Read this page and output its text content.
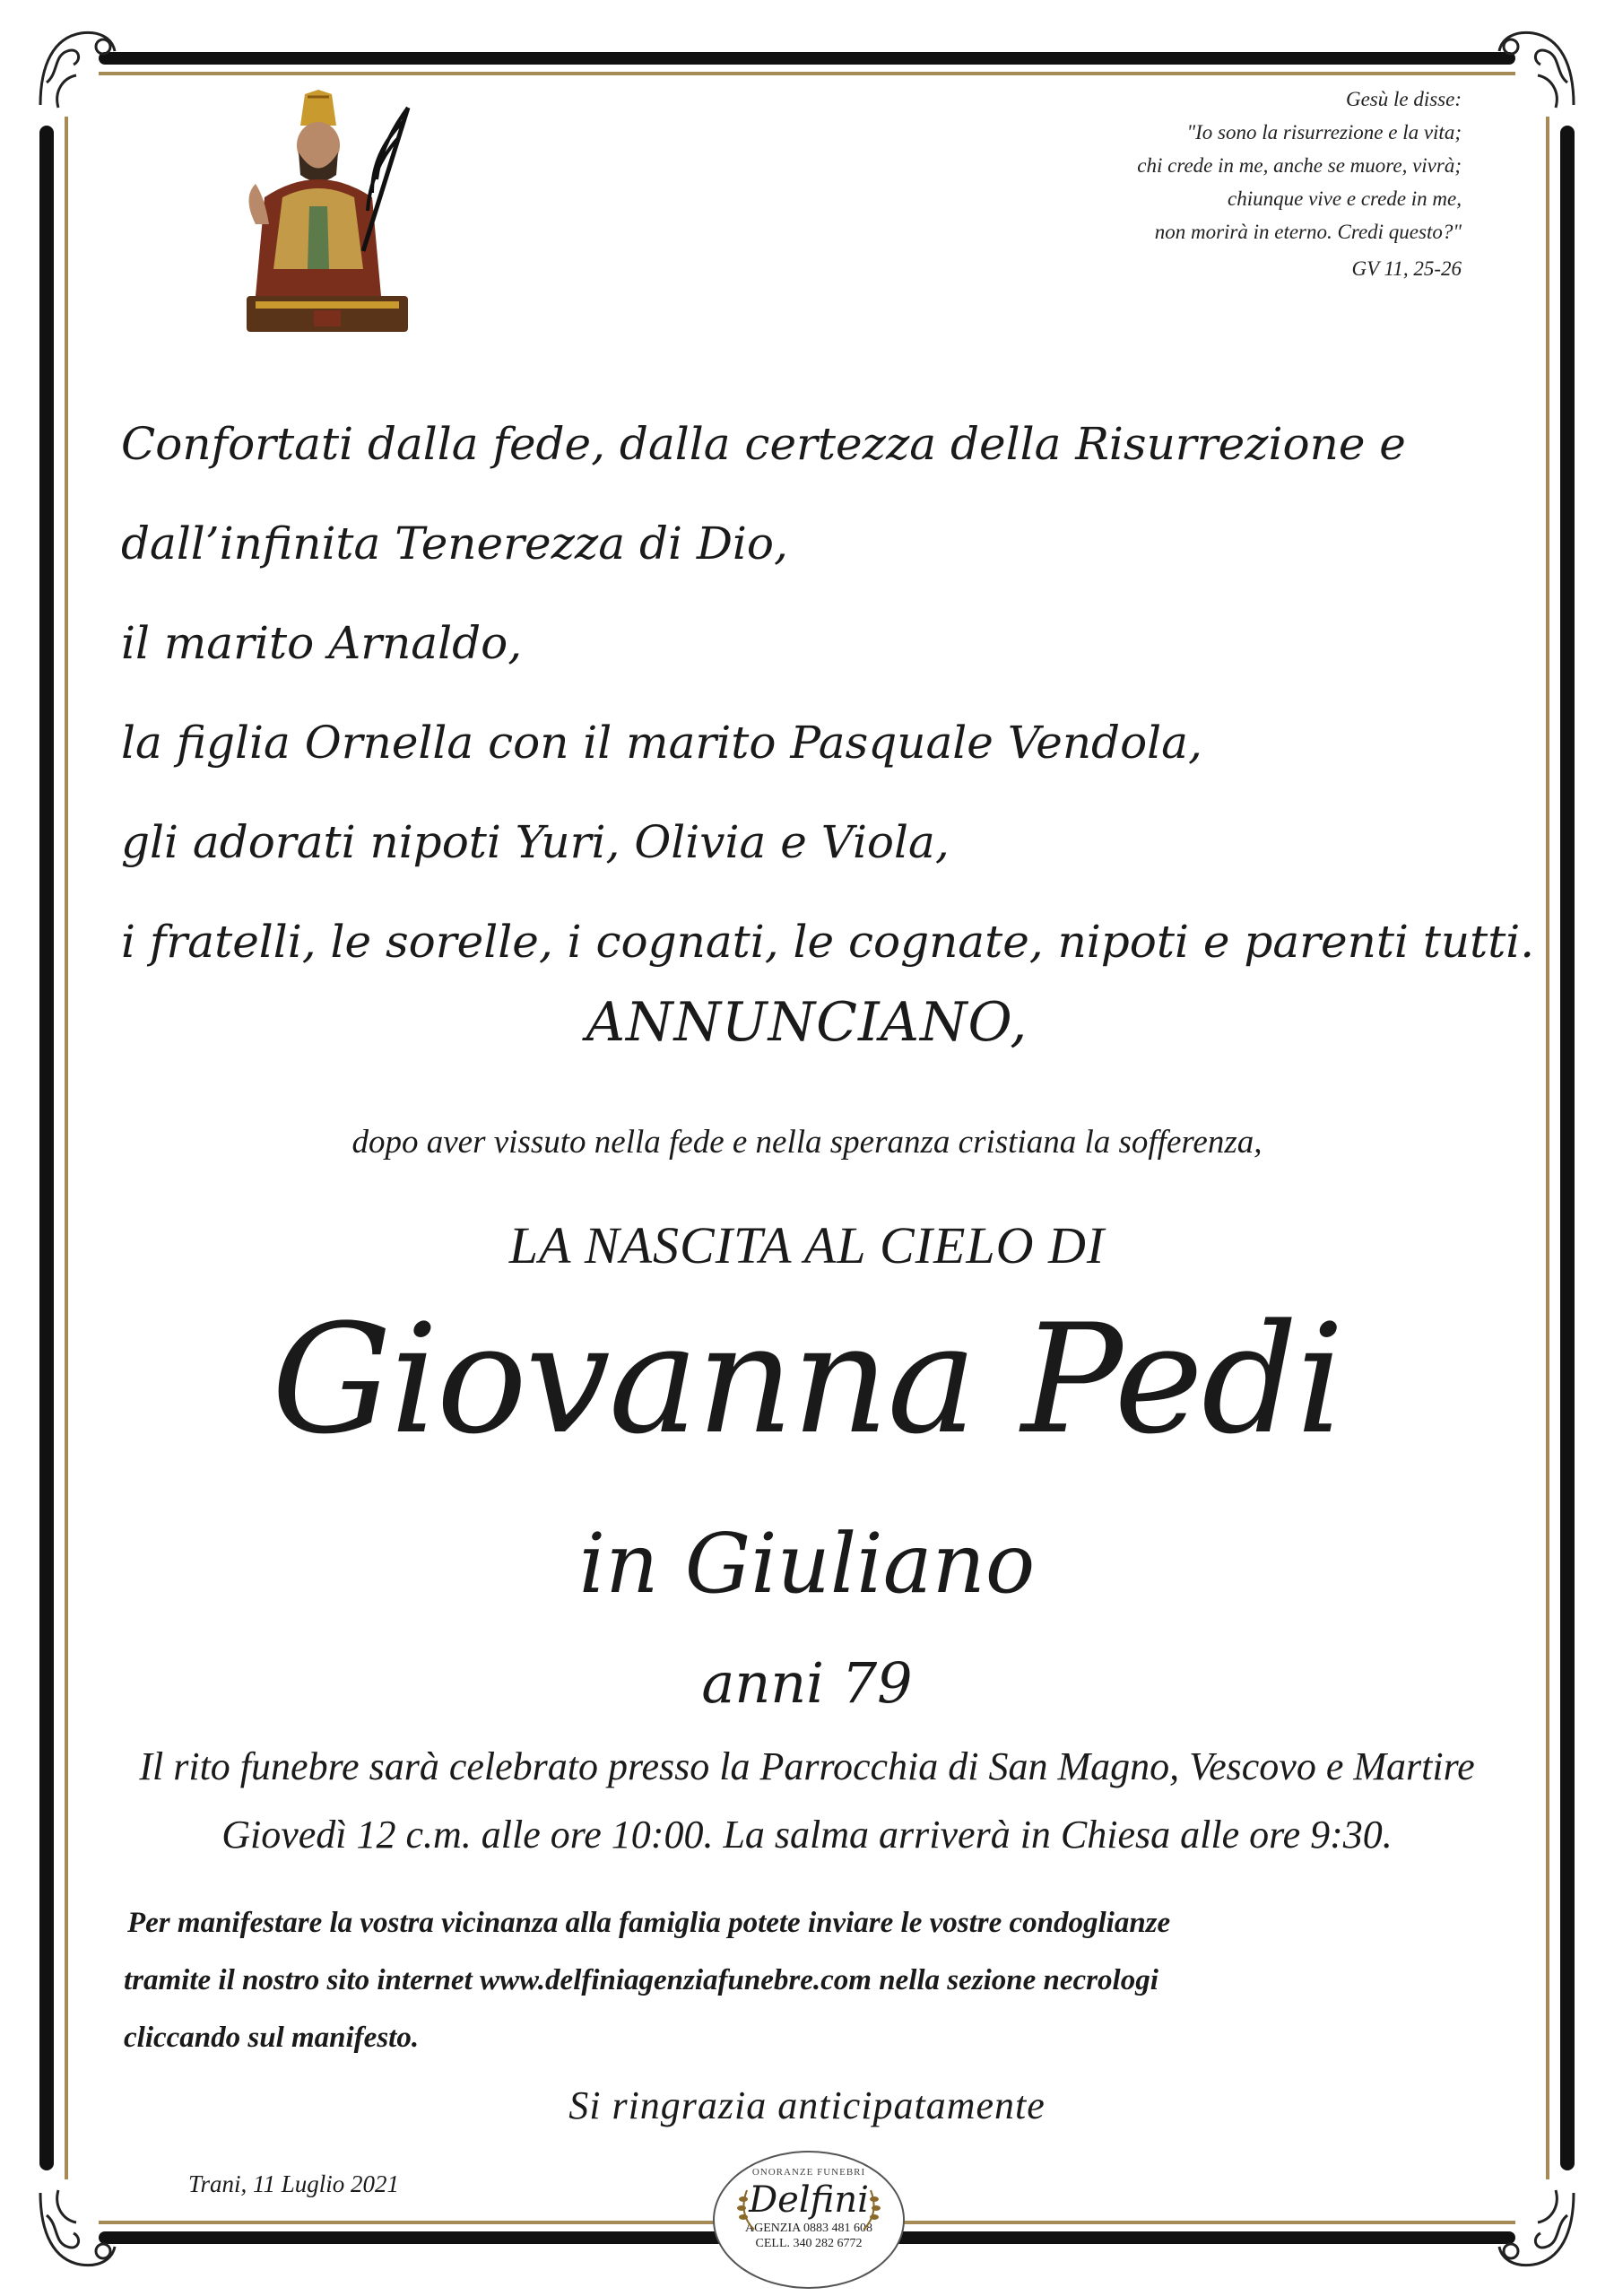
Gesù le disse:
"Io sono la risurrezione e la vita;
chi crede in me, anche se muore, vivrà;
chiunque vive e crede in me,
non morirà in eterno. Credi questo?"
GV 11, 25-26
Confortati dalla fede, dalla certezza della Risurrezione e
dall’infinita Tenerezza di Dio,
il marito Arnaldo,
la figlia Ornella con il marito Pasquale Vendola,
gli adorati nipoti Yuri, Olivia e Viola,
i fratelli, le sorelle, i cognati, le cognate, nipoti e parenti tutti.
ANNUNCIANO,
dopo aver vissuto nella fede e nella speranza cristiana la sofferenza,
LA NASCITA AL CIELO DI
Giovanna Pedi
in Giuliano
anni 79
Il rito funebre sarà celebrato presso la Parrocchia di San Magno, Vescovo e Martire
Giovedì 12 c.m. alle ore 10:00. La salma arriverà in Chiesa alle ore 9:30.
Per manifestare la vostra vicinanza alla famiglia potete inviare le vostre condoglianze
tramite il nostro sito internet www.delfiniagenziafunebre.com nella sezione necrologi
cliccando sul manifesto.
Si ringrazia anticipatamente
Trani, 11 Luglio 2021	ONORANZE FUNEBRI
Delfini
AGENZIA 0883 481 608
CELL. 340 282 6772
